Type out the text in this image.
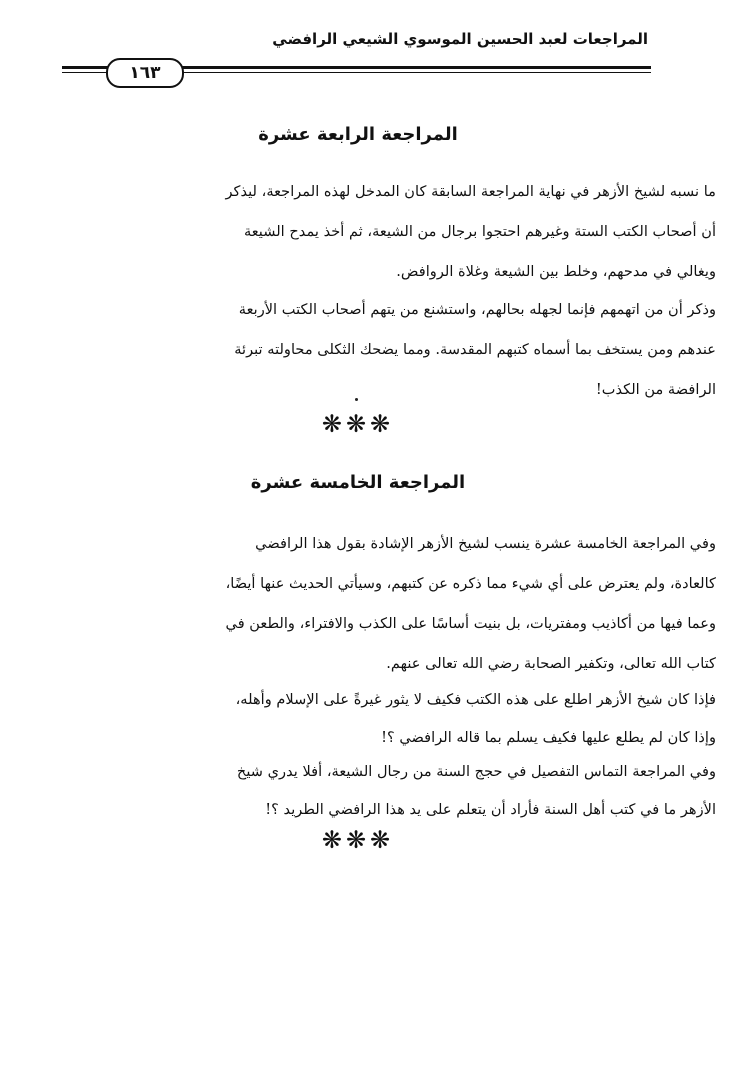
المراجعات لعبد الحسين الموسوي الشيعي الرافضي
١٦٣
المراجعة الرابعة عشرة
ما نسبه لشيخ الأزهر في نهاية المراجعة السابقة كان المدخل لهذه المراجعة، ليذكر
أن أصحاب الكتب الستة وغيرهم احتجوا برجال من الشيعة، ثم أخذ يمدح الشيعة
ويغالي في مدحهم، وخلط بين الشيعة وغلاة الروافض.
وذكر أن من اتهمهم فإنما لجهله بحالهم، واستشنع من يتهم أصحاب الكتب الأربعة
عندهم ومن يستخف بما أسماه كتبهم المقدسة. ومما يضحك الثكلى محاولته تبرئة
الرافضة من الكذب!
❋❋❋
المراجعة الخامسة عشرة
وفي المراجعة الخامسة عشرة ينسب لشيخ الأزهر الإشادة بقول هذا الرافضي
كالعادة، ولم يعترض على أي شيء مما ذكره عن كتبهم، وسيأتي الحديث عنها أيضًا،
وعما فيها من أكاذيب ومفتريات، بل بنيت أساسًا على الكذب والافتراء، والطعن في
كتاب الله تعالى، وتكفير الصحابة رضي الله تعالى عنهم.
فإذا كان شيخ الأزهر اطلع على هذه الكتب فكيف لا يثور غيرةً على الإسلام وأهله،
وإذا كان لم يطلع عليها فكيف يسلم بما قاله الرافضي ؟!
وفي المراجعة التماس التفصيل في حجج السنة من رجال الشيعة، أفلا يدري شيخ
الأزهر ما في كتب أهل السنة فأراد أن يتعلم على يد هذا الرافضي الطريد ؟!
❋❋❋
